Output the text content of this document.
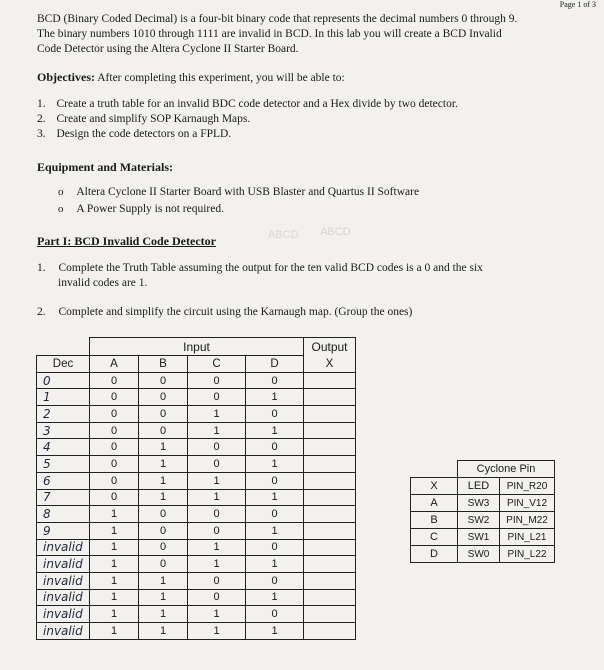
Page 1 of 3
BCD (Binary Coded Decimal) is a four-bit binary code that represents the decimal numbers 0 through 9.
The binary numbers 1010 through 1111 are invalid in BCD. In this lab you will create a BCD Invalid
Code Detector using the Altera Cyclone II Starter Board.
Objectives: After completing this experiment, you will be able to:
1. Create a truth table for an invalid BDC code detector and a Hex divide by two detector.
2. Create and simplify SOP Karnaugh Maps.
3. Design the code detectors on a FPLD.
Equipment and Materials:
o Altera Cyclone II Starter Board with USB Blaster and Quartus II Software
o A Power Supply is not required.
Part I: BCD Invalid Code Detector	ABCD ABCD
1. Complete the Truth Table assuming the output for the ten valid BCD codes is a 0 and the six
invalid codes are 1.
2. Complete and simplify the circuit using the Karnaugh map. (Group the ones)
	Input				Output
Dec	A	B	C	D	X
0	0	0	0	0	
1	0	0	0	1	
2	0	0	1	0	
3	0	0	1	1	
4	0	1	0	0	
5	0	1	0	1	
6	0	1	1	0	
7	0	1	1	1	
8	1	0	0	0	
9	1	0	0	1	
invalid	1	0	1	0	
invalid	1	0	1	1	
invalid	1	1	0	0	
invalid	1	1	0	1	
invalid	1	1	1	0	
invalid	1	1	1	1	
	Cyclone Pin	
X	LED	PIN_R20
A	SW3	PIN_V12
B	SW2	PIN_M22
C	SW1	PIN_L21
D	SW0	PIN_L22
